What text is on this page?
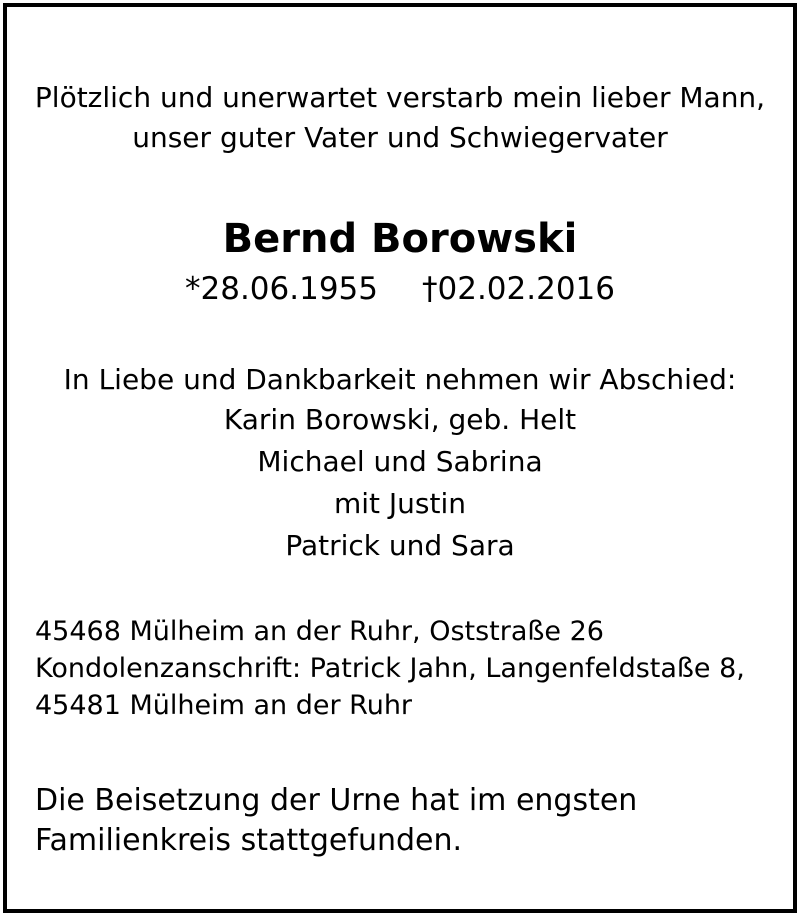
Plötzlich und unerwartet verstarb mein lieber Mann,
unser guter Vater und Schwiegervater
Bernd Borowski
*28.06.1955 †02.02.2016
In Liebe und Dankbarkeit nehmen wir Abschied:
Karin Borowski, geb. Helt
Michael und Sabrina
mit Justin
Patrick und Sara
45468 Mülheim an der Ruhr, Oststraße 26
Kondolenzanschrift: Patrick Jahn, Langenfeldstaße 8,
45481 Mülheim an der Ruhr
Die Beisetzung der Urne hat im engsten
Familienkreis stattgefunden.
